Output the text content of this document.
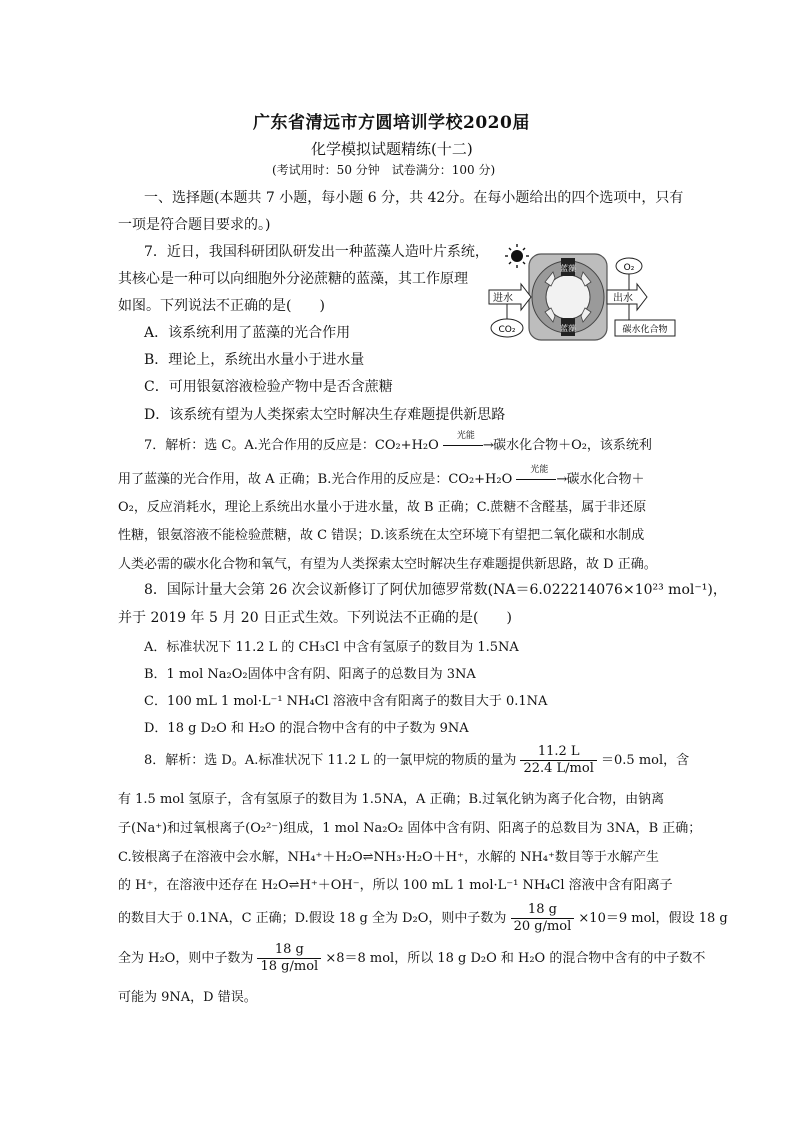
广东省清远市方圆培训学校2020届
化学模拟试题精练(十二)
(考试用时：50 分钟　试卷满分：100 分)
一、选择题(本题共 7 小题，每小题 6 分，共 42分。在每小题给出的四个选项中，只有
一项是符合题目要求的。)
7．近日，我国科研团队研发出一种蓝藻人造叶片系统，
其核心是一种可以向细胞外分泌蔗糖的蓝藻，其工作原理
如图。下列说法不正确的是(　　)
A．该系统利用了蓝藻的光合作用
B．理论上，系统出水量小于进水量
C．可用银氨溶液检验产物中是否含蔗糖
D．该系统有望为人类探索太空时解决生存难题提供新思路
蓝藻
蓝藻
进水	出水
CO₂
O₂
碳水化合物
7．解析：选 C。A.光合作用的反应是：CO₂+H₂O
光能
→ 碳水化合物＋O₂，该系统利
用了蓝藻的光合作用，故 A 正确；B.光合作用的反应是：CO₂+H₂O
光能
→ 碳水化合物＋
O₂，反应消耗水，理论上系统出水量小于进水量，故 B 正确；C.蔗糖不含醛基，属于非还原
性糖，银氨溶液不能检验蔗糖，故 C 错误；D.该系统在太空环境下有望把二氧化碳和水制成
人类必需的碳水化合物和氧气，有望为人类探索太空时解决生存难题提供新思路，故 D 正确。
8．国际计量大会第 26 次会议新修订了阿伏加德罗常数(NA＝6.022214076×10²³ mol⁻¹)，
并于 2019 年 5 月 20 日正式生效。下列说法不正确的是(　　)
A．标准状况下 11.2 L 的 CH₃Cl 中含有氢原子的数目为 1.5NA
B．1 mol Na₂O₂固体中含有阴、阳离子的总数目为 3NA
C．100 mL 1 mol·L⁻¹ NH₄Cl 溶液中含有阳离子的数目大于 0.1NA
D．18 g D₂O 和 H₂O 的混合物中含有的中子数为 9NA
8．解析：选 D。A.标准状况下 11.2 L 的一氯甲烷的物质的量为 $\frac{11.2 L}{\text{22.4 L/mol}} =0.5$ mol，含
有 1.5 mol 氢原子，含有氢原子的数目为 1.5NA，A 正确；B.过氧化钠为离子化合物，由钠离
子(Na⁺)和过氧根离子(O₂²⁻)组成，1 mol Na₂O₂ 固体中含有阴、阳离子的总数目为 3NA，B 正确；
C.铵根离子在溶液中会水解，NH₄⁺＋H₂O⇌NH₃·H₂O＋H⁺，水解的 NH₄⁺数目等于水解产生
的 H⁺，在溶液中还存在 H₂O⇌H⁺＋OH⁻，所以 100 mL 1 mol·L⁻¹ NH₄Cl 溶液中含有阳离子
的数目大于 0.1NA，C 正确；D.假设 18 g 全为 D₂O，则中子数为 $\frac{18 g}{\text{20 g/mol}} \times 10=9$ mol，假设 18 g
全为 H₂O，则中子数为 $\frac{18 g}{\text{18 g/mol}} \times 8=8$ mol，所以 18 g D₂O 和 H₂O 的混合物中含有的中子数不
可能为 9NA，D 错误。
